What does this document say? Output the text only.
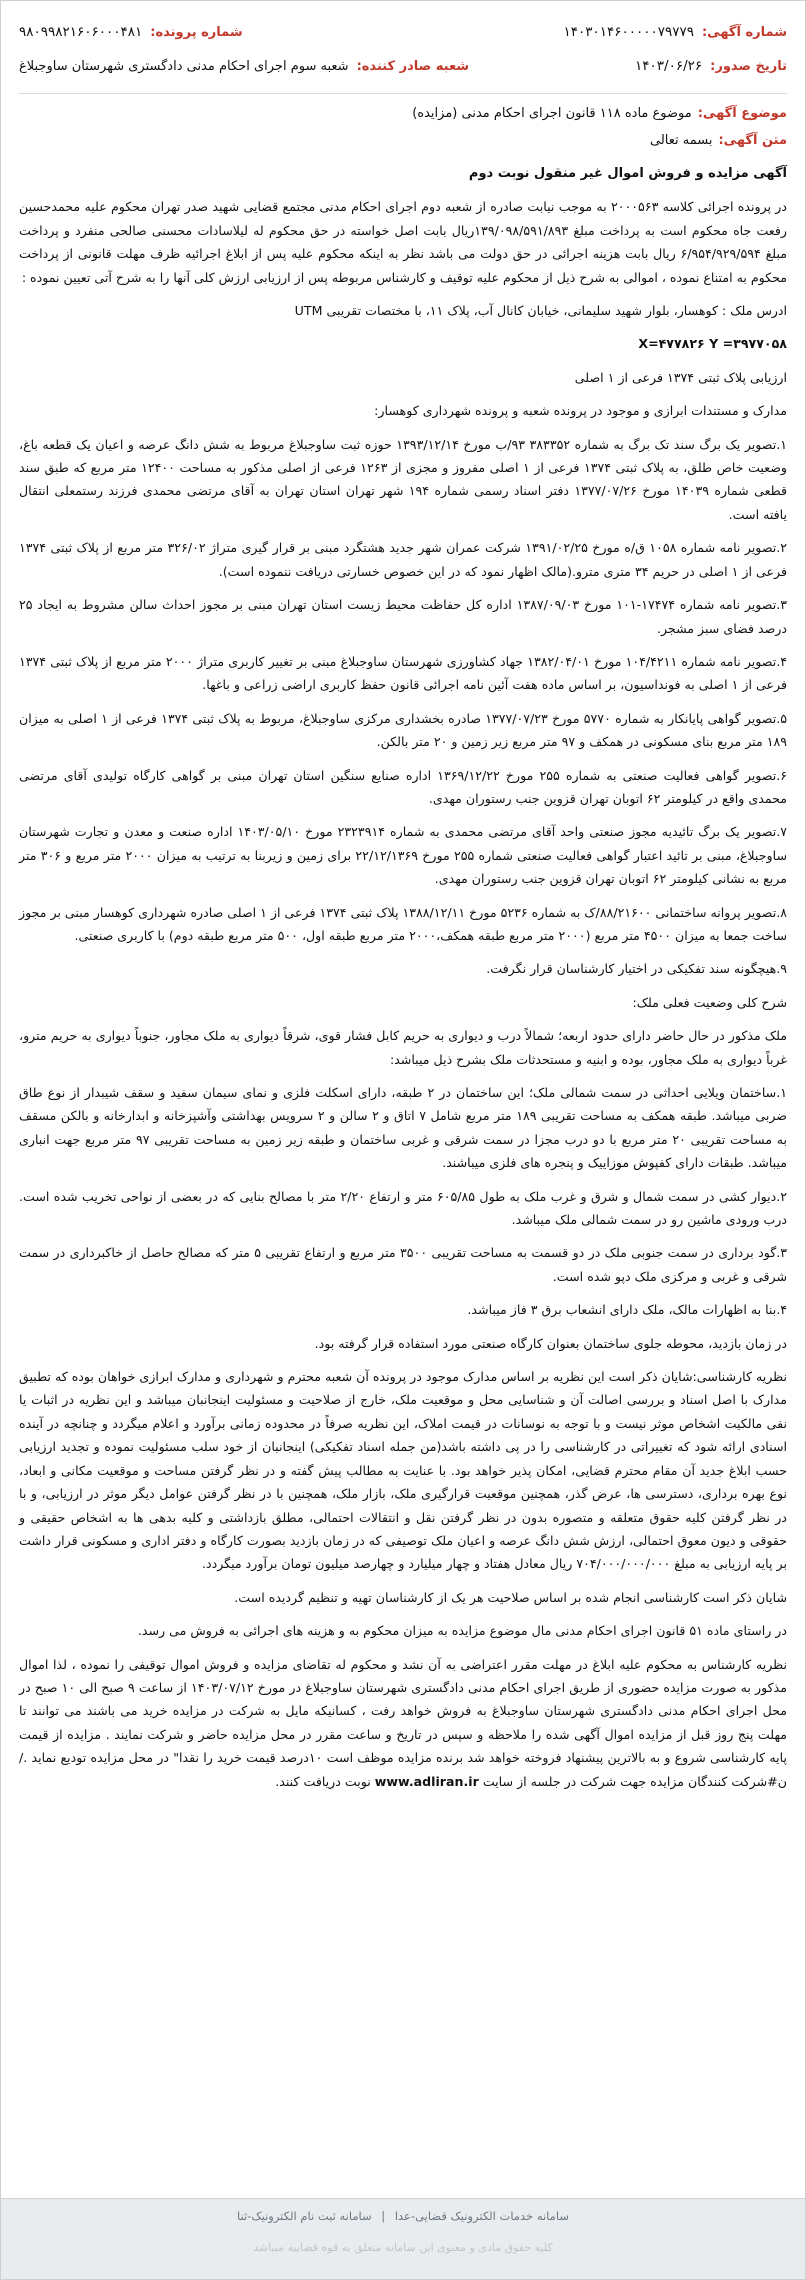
شماره آگهی:
۱۴۰۳۰۱۴۶۰۰۰۰۰۷۹۷۷۹
شماره پرونده:
۹۸۰۹۹۸۲۱۶۰۶۰۰۰۴۸۱
تاریخ صدور:
۱۴۰۳/۰۶/۲۶
شعبه صادر کننده:
شعبه سوم اجرای احکام مدنی دادگستری شهرستان ساوجبلاغ
موضوع آگهی:
موضوع ماده ۱۱۸ قانون اجرای احکام مدنی (مزایده)
متن آگهی:
بسمه تعالی

آگهی مزایده و فروش اموال غیر منقول نوبت دوم

در پرونده اجرائی کلاسه ۲۰۰۰۵۶۳ به موجب نیابت صادره از شعبه دوم اجرای احکام مدنی مجتمع قضایی شهید صدر تهران محکوم علیه محمدحسین رفعت جاه محکوم است به پرداخت مبلغ ۱۳۹/۰۹۸/۵۹۱/۸۹۳ریال بابت اصل خواسته در حق محکوم له لیلاسادات محسنی صالحی منفرد و پرداخت مبلغ ۶/۹۵۴/۹۲۹/۵۹۴ ریال بابت هزینه اجرائی در حق دولت می باشد نظر به اینکه محکوم علیه پس از ابلاغ اجرائیه ظرف مهلت قانونی از پرداخت محکوم به امتناع نموده ، اموالی به شرح ذیل از محکوم علیه توقیف و کارشناس مربوطه پس از ارزیابی ارزش کلی آنها را به شرح آتی تعیین نموده :

ادرس ملک : کوهسار، بلوار شهید سلیمانی، خیابان کانال آب، پلاک ۱۱، با مختصات تقریبی UTM

X=۴۷۷۸۲۶ Y =۳۹۷۷۰۵۸

ارزیابی پلاک ثبتی ۱۳۷۴ فرعی از ۱ اصلی

مدارک و مستندات ابرازی و موجود در پرونده شعبه و پرونده شهرداری کوهسار:

۱.تصویر یک برگ سند تک برگ به شماره ۳۸۳۳۵۲ ۹۳/ب مورخ ۱۳۹۳/۱۲/۱۴ حوزه ثبت ساوجبلاغ مربوط به شش دانگ عرصه و اعیان یک قطعه باغ، وضعیت خاص طلق، به پلاک ثبتی ۱۳۷۴ فرعی از ۱ اصلی مفروز و مجزی از ۱۲۶۳ فرعی از اصلی مذکور به مساحت ۱۲۴۰۰ متر مربع که طبق سند قطعی شماره ۱۴۰۳۹ مورخ ۱۳۷۷/۰۷/۲۶ دفتر اسناد رسمی شماره ۱۹۴ شهر تهران استان تهران به آقای مرتضی محمدی فرزند رستمعلی انتقال یافته است.

۲.تصویر نامه شماره ۱۰۵۸ ق/ه مورخ ۱۳۹۱/۰۲/۲۵ شرکت عمران شهر جدید هشتگرد مبنی بر قرار گیری متراژ ۳۲۶/۰۲ متر مربع از پلاک ثبتی ۱۳۷۴ فرعی از ۱ اصلی در حریم ۳۴ متری مترو.(مالک اظهار نمود که در این خصوص خسارتی دریافت ننموده است).

۳.تصویر نامه شماره ۱۷۴۷۴-۱۰۱ مورخ ۱۳۸۷/۰۹/۰۳ اداره کل حفاظت محیط زیست استان تهران مبنی بر مجوز احداث سالن مشروط به ایجاد ۲۵ درصد فضای سبز مشجر.

۴.تصویر نامه شماره ۱۰۴/۴۲۱۱ مورخ ۱۳۸۲/۰۴/۰۱ جهاد کشاورزی شهرستان ساوجبلاغ مبنی بر تغییر کاربری متراژ ۲۰۰۰ متر مربع از پلاک ثبتی ۱۳۷۴ فرعی از ۱ اصلی به فونداسیون، بر اساس ماده هفت آئین نامه اجرائی قانون حفظ کاربری اراضی زراعی و باغها.

۵.تصویر گواهی پایانکار به شماره ۵۷۷۰ مورخ ۱۳۷۷/۰۷/۲۳ صادره بخشداری مرکزی ساوجبلاغ، مربوط به پلاک ثبتی ۱۳۷۴ فرعی از ۱ اصلی به میزان ۱۸۹ متر مربع بنای مسکونی در همکف و ۹۷ متر مربع زیر زمین و ۲۰ متر بالکن.

۶.تصویر گواهی فعالیت صنعتی به شماره ۲۵۵ مورخ ۱۳۶۹/۱۲/۲۲ اداره صنایع سنگین استان تهران مبنی بر گواهی کارگاه تولیدی آقای مرتضی محمدی واقع در کیلومتر ۶۲ اتوبان تهران قزوین جنب رستوران مهدی.

۷.تصویر یک برگ تائیدیه مجوز صنعتی واحد آقای مرتضی محمدی به شماره ۲۳۲۳۹۱۴ مورخ ۱۴۰۳/۰۵/۱۰ اداره صنعت و معدن و تجارت شهرستان ساوجبلاغ، مبنی بر تائید اعتبار گواهی فعالیت صنعتی شماره ۲۵۵ مورخ ۲۲/۱۲/۱۳۶۹ برای زمین و زیربنا به ترتیب به میزان ۲۰۰۰ متر مربع و ۳۰۶ متر مربع به نشانی کیلومتر ۶۲ اتوبان تهران قزوین جنب رستوران مهدی.

۸.تصویر پروانه ساختمانی ۸۸/۲۱۶۰۰/ک به شماره ۵۲۳۶ مورخ ۱۳۸۸/۱۲/۱۱ پلاک ثبتی ۱۳۷۴ فرعی از ۱ اصلی صادره شهرداری کوهسار مبنی بر مجوز ساخت جمعا به میزان ۴۵۰۰ متر مربع (۲۰۰۰ متر مربع طبقه همکف،۲۰۰۰ متر مربع طبقه اول، ۵۰۰ متر مربع طبقه دوم) با کاربری صنعتی.

۹.هیچگونه سند تفکیکی در اختیار کارشناسان قرار نگرفت.

شرح کلی وضعیت فعلی ملک:

ملک مذکور در حال حاضر دارای حدود اربعه؛ شمالاً درب و دیواری به حریم کابل فشار قوی، شرقاً دیواری به ملک مجاور، جنوباً دیواری به حریم مترو، غرباً دیواری به ملک مجاور، بوده و ابنیه و مستحدثات ملک بشرح ذیل میباشد:

۱.ساختمان ویلایی احداثی در سمت شمالی ملک؛ این ساختمان در ۲ طبقه، دارای اسکلت فلزی و نمای سیمان سفید و سقف شیبدار از نوع طاق ضربی میباشد. طبقه همکف به مساحت تقریبی ۱۸۹ متر مربع شامل ۷ اتاق و ۲ سالن و ۲ سرویس بهداشتی وآشپزخانه و ابدارخانه و بالکن مسقف به مساحت تقریبی ۲۰ متر مربع با دو درب مجزا در سمت شرقی و غربی ساختمان و طبقه زیر زمین به مساحت تقریبی ۹۷ متر مربع جهت انباری میباشد. طبقات دارای کفپوش موزاییک و پنجره های فلزی میباشند.

۲.دیوار کشی در سمت شمال و شرق و غرب ملک به طول ۶۰۵/۸۵ متر و ارتفاع ۲/۲۰ متر با مصالح بنایی که در بعضی از نواحی تخریب شده است. درب ورودی ماشین رو در سمت شمالی ملک میباشد.

۳.گود برداری در سمت جنوبی ملک در دو قسمت به مساحت تقریبی ۳۵۰۰ متر مربع و ارتفاع تقریبی ۵ متر که مصالح حاصل از خاکبرداری در سمت شرقی و غربی و مرکزی ملک دپو شده است.

۴.بنا به اظهارات مالک، ملک دارای انشعاب برق ۳ فاز میباشد.

در زمان بازدید، محوطه جلوی ساختمان بعنوان کارگاه صنعتی مورد استفاده قرار گرفته بود.

نظریه کارشناسی:شایان ذکر است این نظریه بر اساس مدارک موجود در پرونده آن شعبه محترم و شهرداری و مدارک ابرازی خواهان بوده که تطبیق مدارک با اصل اسناد و بررسی اصالت آن و شناسایی محل و موقعیت ملک، خارج از صلاحیت و مسئولیت اینجانبان میباشد و این نظریه در اثبات یا نفی مالکیت اشخاص موثر نیست و با توجه به نوسانات در قیمت املاک، این نظریه صرفاً در محدوده زمانی برآورد و اعلام میگردد و چنانچه در آینده اسنادی ارائه شود که تغییراتی در کارشناسی را در پی داشته باشد(من جمله اسناد تفکیکی) اینجانبان از خود سلب مسئولیت نموده و تجدید ارزیابی حسب ابلاغ جدید آن مقام محترم قضایی، امکان پذیر خواهد بود. با عنایت به مطالب پیش گفته و در نظر گرفتن مساحت و موقعیت مکانی و ابعاد، نوع بهره برداری، دسترسی ها، عرض گذر، همچنین موقعیت قرارگیری ملک، بازار ملک، همچنین با در نظر گرفتن عوامل دیگر موثر در ارزیابی، و با در نظر گرفتن کلیه حقوق متعلقه و متصوره بدون در نظر گرفتن نقل و انتقالات احتمالی، مطلق بازداشتی و کلیه بدهی ها به اشخاص حقیقی و حقوقی و دیون معوق احتمالی، ارزش شش دانگ عرصه و اعیان ملک توصیفی که در زمان بازدید بصورت کارگاه و دفتر اداری و مسکونی قرار داشت بر پایه ارزیابی به مبلغ ۷۰۴/۰۰۰/۰۰۰/۰۰۰ ریال معادل هفتاد و چهار میلیارد و چهارصد میلیون تومان برآورد میگردد.

شایان ذکر است کارشناسی انجام شده بر اساس صلاحیت هر یک از کارشناسان تهیه و تنظیم گردیده است.

در راستای ماده ۵۱ قانون اجرای احکام مدنی مال موضوع مزایده به میزان محکوم به و هزینه های اجرائی به فروش می رسد.

نظریه کارشناس به محکوم علیه ابلاغ در مهلت مقرر اعتراضی به آن نشد و محکوم له تقاضای مزایده و فروش اموال توقیفی را نموده ، لذا اموال مذکور به صورت مزایده حضوری از طریق اجرای احکام مدنی دادگستری شهرستان ساوجبلاغ در مورخ ۱۴۰۳/۰۷/۱۲ از ساعت ۹ صبح الی ۱۰ صبح در محل اجرای احکام مدنی دادگستری شهرستان ساوجبلاغ به فروش خواهد رفت ، کسانیکه مایل به شرکت در مزایده خرید می باشند می توانند تا مهلت پنج روز قبل از مزایده اموال آگهی شده را ملاحظه و سپس در تاریخ و ساعت مقرر در محل مزایده حاضر و شرکت نمایند . مزایده از قیمت پایه کارشناسی شروع و به بالاترین پیشنهاد فروخته خواهد شد برنده مزایده موظف است ۱۰درصد قیمت خرید را نقدا" در محل مزایده تودیع نماید ./ن#شرکت کنندگان مزایده جهت شرکت در جلسه از سایت www.adliran.ir نوبت دریافت کنند.

سامانه خدمات الکترونیک قضایی-عدا | سامانه ثبت نام الکترونیک-ثنا
کلیه حقوق مادی و معنوی این سامانه متعلق به قوه قضاییه میباشد
